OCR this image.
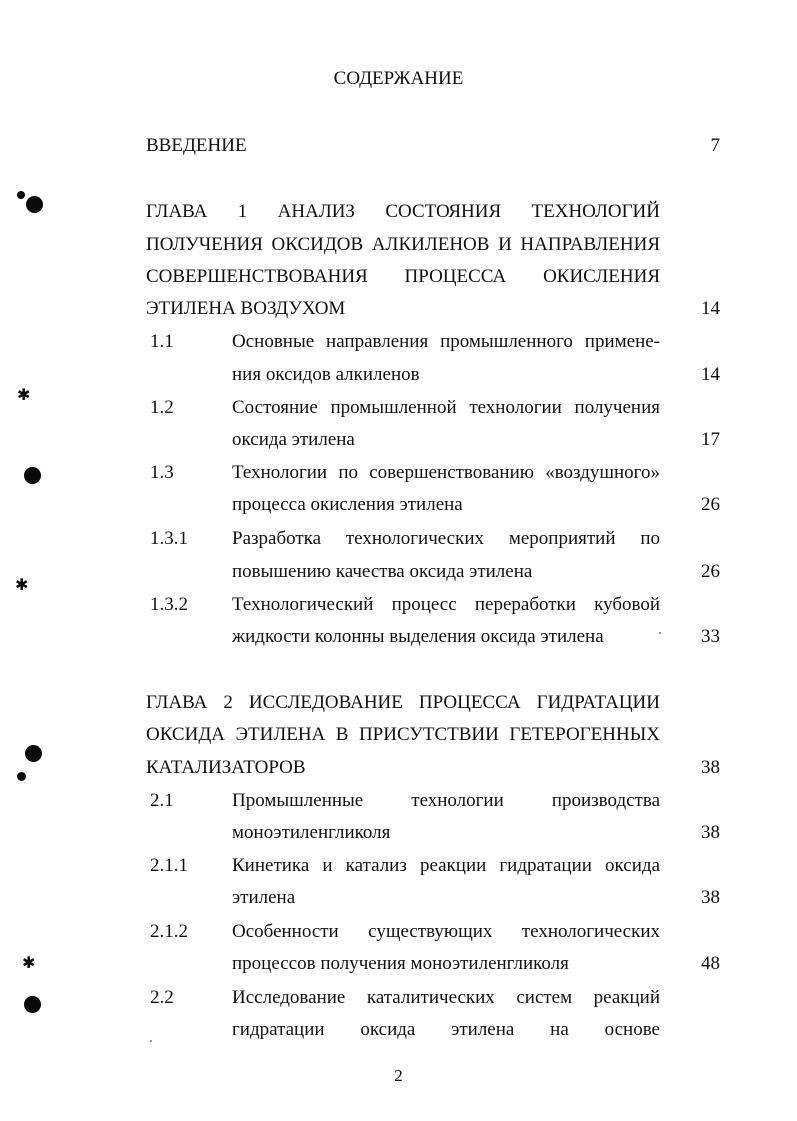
СОДЕРЖАНИЕ
ВВЕДЕНИЕ	7
ГЛАВА 1 АНАЛИЗ СОСТОЯНИЯ ТЕХНОЛОГИЙ
ПОЛУЧЕНИЯ ОКСИДОВ АЛКИЛЕНОВ И НАПРАВЛЕНИЯ
СОВЕРШЕНСТВОВАНИЯ ПРОЦЕССА ОКИСЛЕНИЯ
ЭТИЛЕНА ВОЗДУХОМ	14
1.1	Основные направления промышленного примене-
ния оксидов алкиленов	14
1.2	Состояние промышленной технологии получения
оксида этилена	17
1.3	Технологии по совершенствованию «воздушного»
процесса окисления этилена	26
1.3.1 Разработка технологических мероприятий по
повышению качества оксида этилена	26
1.3.2 Технологический процесс переработки кубовой
жидкости колонны выделения оксида этилена	33
ГЛАВА 2 ИССЛЕДОВАНИЕ ПРОЦЕССА ГИДРАТАЦИИ
ОКСИДА ЭТИЛЕНА В ПРИСУТСТВИИ ГЕТЕРОГЕННЫХ
КАТАЛИЗАТОРОВ	38
2.1	Промышленные технологии производства
моноэтиленгликоля	38
2.1.1 Кинетика и катализ реакции гидратации оксида
этилена	38
2.1.2 Особенности существующих технологических
процессов получения моноэтиленгликоля	48
2.2	Исследование каталитических систем реакций
гидратации оксида этилена на основе
2
✱
✱
✱
